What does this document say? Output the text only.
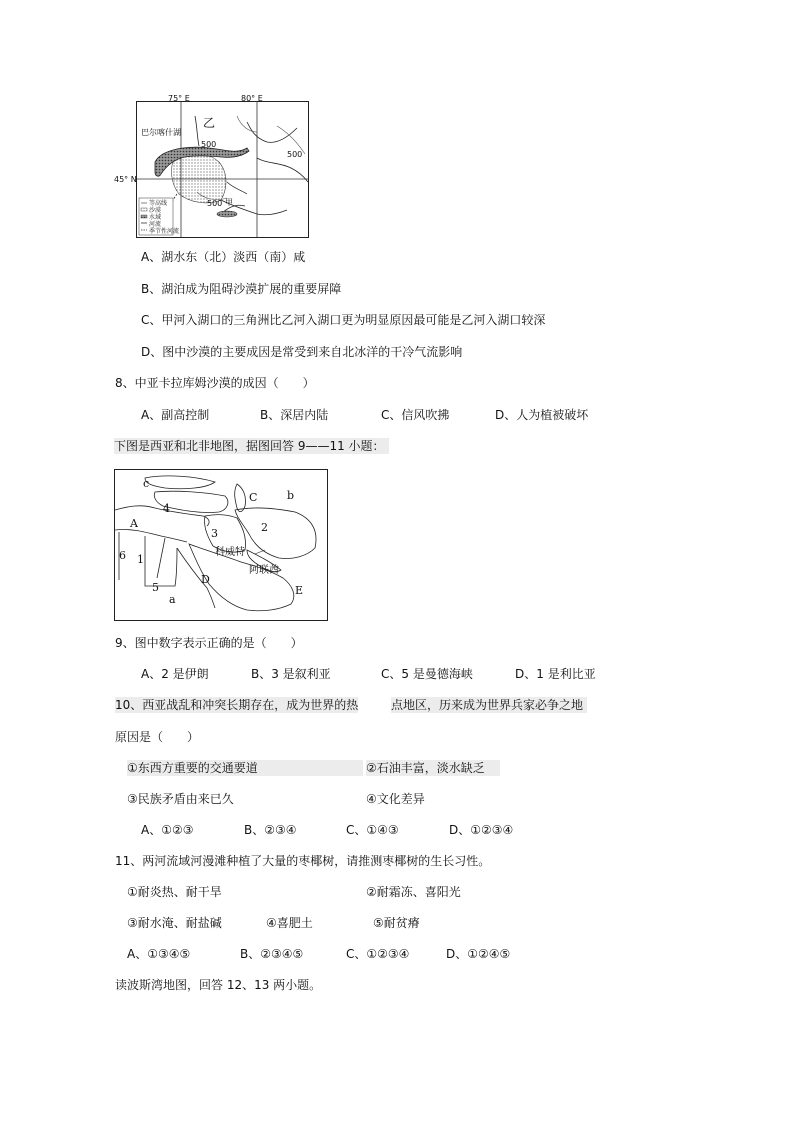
巴尔喀什湖
乙
500
500
500 甲
等高线
沙漠
水域
河流
季节性河流
75° E	80° E
45° N
A、湖水东（北）淡西（南）咸
B、湖泊成为阻碍沙漠扩展的重要屏障
C、甲河入湖口的三角洲比乙河入湖口更为明显原因最可能是乙河入湖口较深
D、图中沙漠的主要成因是常受到来自北冰洋的干冷气流影响
8、中亚卡拉库姆沙漠的成因（　　）
A、副高控制	B、深居内陆	C、信风吹拂	D、人为植被破坏
下图是西亚和北非地图，据图回答 9——11 小题：
c
b
C
A
D
E
a
4
3	2
1
5
6	科威特
阿联酋
9、图中数字表示正确的是（　　）
A、2 是伊朗	B、3 是叙利亚	C、5 是曼德海峡	D、1 是利比亚
10、西亚战乱和冲突长期存在，成为世界的热	点地区，历来成为世界兵家必争之地
原因是（　　）
①东西方重要的交通要道	②石油丰富，淡水缺乏
③民族矛盾由来已久	④文化差异
A、①②③	B、②③④	C、①④③	D、①②③④
11、两河流域河漫滩种植了大量的枣椰树，请推测枣椰树的生长习性。
①耐炎热、耐干旱	②耐霜冻、喜阳光
③耐水淹、耐盐碱	④喜肥土	⑤耐贫瘠
A、①③④⑤	B、②③④⑤	C、①②③④	D、①②④⑤
读波斯湾地图，回答 12、13 两小题。
